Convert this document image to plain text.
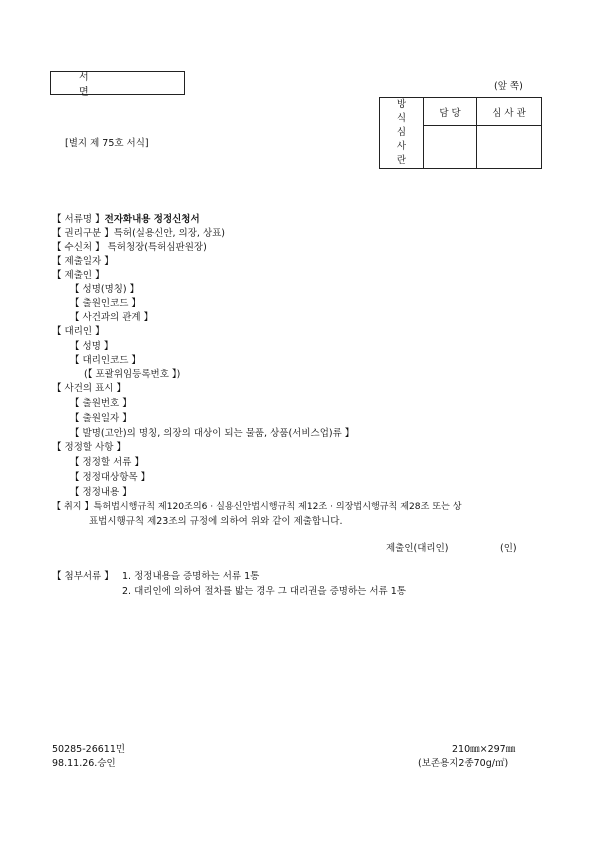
서 면
(앞 쪽)
[별지 제 75호 서식]
방
식
심
사
란	담 당	심 사 관

【 서류명 】전자화내용 정정신청서
【 권리구분 】특허(실용신안, 의장, 상표)
【 수신처 】 특허청장(특허심판원장)
【 제출일자 】
【 제출인 】
【 성명(명칭) 】
【 출원인코드 】
【 사건과의 관계 】
【 대리인 】
【 성명 】
【 대리인코드 】
(【 포괄위임등록번호 】)
【 사건의 표시 】
【 출원번호 】
【 출원일자 】
【 발명(고안)의 명칭, 의장의 대상이 되는 물품, 상품(서비스업)류 】
【 정정할 사항 】
【 정정할 서류 】
【 정정대상항목 】
【 정정내용 】
【 취지 】특허법시행규칙 제120조의6 · 실용신안법시행규칙 제12조 · 의장법시행규칙 제28조 또는 상
표법시행규칙 제23조의 규정에 의하여 위와 같이 제출합니다.
제출인(대리인)	(인)
【 첨부서류 】 1. 정정내용을 증명하는 서류 1통
2. 대리인에 의하여 절차를 밟는 경우 그 대리권을 증명하는 서류 1통
50285-26611민
98.11.26.승인
210㎜×297㎜
(보존용지2종70g/㎡)
